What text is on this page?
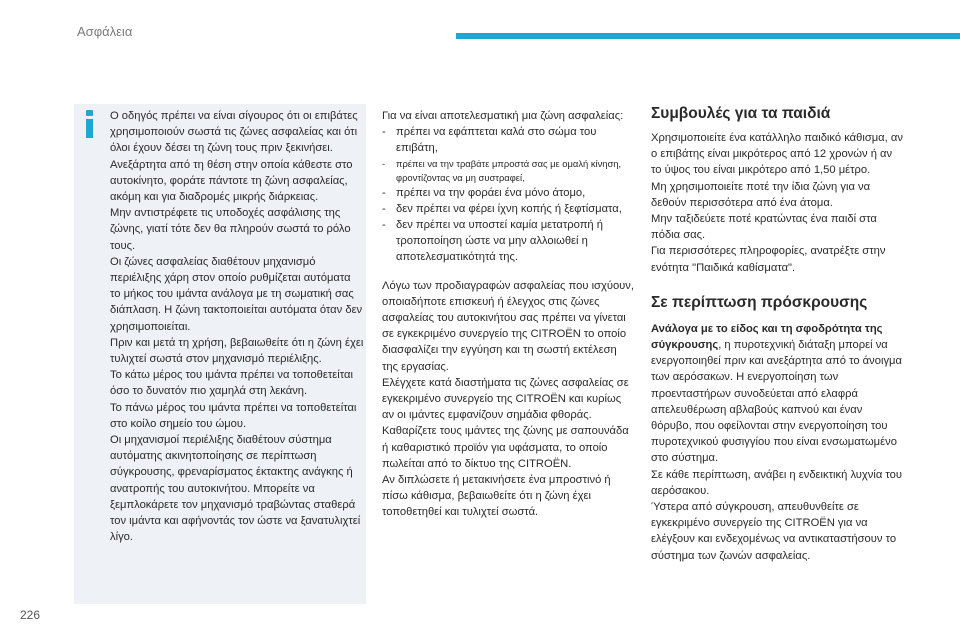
Ασφάλεια

Ο οδηγός πρέπει να είναι σίγουρος ότι οι επιβάτες χρησιμοποιούν σωστά τις ζώνες ασφαλείας και ότι όλοι έχουν δέσει τη ζώνη τους πριν ξεκινήσει.

Ανεξάρτητα από τη θέση στην οποία κάθεστε στο αυτοκίνητο, φοράτε πάντοτε τη ζώνη ασφαλείας, ακόμη και για διαδρομές μικρής διάρκειας.

Μην αντιστρέφετε τις υποδοχές ασφάλισης της ζώνης, γιατί τότε δεν θα πληρούν σωστά το ρόλο τους.

Οι ζώνες ασφαλείας διαθέτουν μηχανισμό περιέλιξης χάρη στον οποίο ρυθμίζεται αυτόματα το μήκος του ιμάντα ανάλογα με τη σωματική σας διάπλαση. Η ζώνη τακτοποιείται αυτόματα όταν δεν χρησιμοποιείται.

Πριν και μετά τη χρήση, βεβαιωθείτε ότι η ζώνη έχει τυλιχτεί σωστά στον μηχανισμό περιέλιξης.

Το κάτω μέρος του ιμάντα πρέπει να τοποθετείται όσο το δυνατόν πιο χαμηλά στη λεκάνη.

Το πάνω μέρος του ιμάντα πρέπει να τοποθετείται στο κοίλο σημείο του ώμου.

Οι μηχανισμοί περιέλιξης διαθέτουν σύστημα αυτόματης ακινητοποίησης σε περίπτωση σύγκρουσης, φρεναρίσματος έκτακτης ανάγκης ή ανατροπής του αυτοκινήτου. Μπορείτε να ξεμπλοκάρετε τον μηχανισμό τραβώντας σταθερά τον ιμάντα και αφήνοντάς τον ώστε να ξανατυλιχτεί λίγο.

Για να είναι αποτελεσματική μια ζώνη ασφαλείας:

- πρέπει να εφάπτεται καλά στο σώμα του επιβάτη,
- πρέπει να την τραβάτε μπροστά σας με ομαλή κίνηση, φροντίζοντας να μη συστραφεί,
- πρέπει να την φοράει ένα μόνο άτομο,
- δεν πρέπει να φέρει ίχνη κοπής ή ξεφτίσματα,
- δεν πρέπει να υποστεί καμία μετατροπή ή τροποποίηση ώστε να μην αλλοιωθεί η αποτελεσματικότητά της.

Λόγω των προδιαγραφών ασφαλείας που ισχύουν, οποιαδήποτε επισκευή ή έλεγχος στις ζώνες ασφαλείας του αυτοκινήτου σας πρέπει να γίνεται σε εγκεκριμένο συνεργείο της CITROËN το οποίο διασφαλίζει την εγγύηση και τη σωστή εκτέλεση της εργασίας.

Ελέγχετε κατά διαστήματα τις ζώνες ασφαλείας σε εγκεκριμένο συνεργείο της CITROËN και κυρίως αν οι ιμάντες εμφανίζουν σημάδια φθοράς.

Καθαρίζετε τους ιμάντες της ζώνης με σαπουνάδα ή καθαριστικό προϊόν για υφάσματα, το οποίο πωλείται από το δίκτυο της CITROËN.

Αν διπλώσετε ή μετακινήσετε ένα μπροστινό ή πίσω κάθισμα, βεβαιωθείτε ότι η ζώνη έχει τοποθετηθεί και τυλιχτεί σωστά.

Συμβουλές για τα παιδιά

Χρησιμοποιείτε ένα κατάλληλο παιδικό κάθισμα, αν ο επιβάτης είναι μικρότερος από 12 χρονών ή αν το ύψος του είναι μικρότερο από 1,50 μέτρο.

Μη χρησιμοποιείτε ποτέ την ίδια ζώνη για να δεθούν περισσότερα από ένα άτομα.

Μην ταξιδεύετε ποτέ κρατώντας ένα παιδί στα πόδια σας.

Για περισσότερες πληροφορίες, ανατρέξτε στην ενότητα "Παιδικά καθίσματα".

Σε περίπτωση πρόσκρουσης

Ανάλογα με το είδος και τη σφοδρότητα της σύγκρουσης, η πυροτεχνική διάταξη μπορεί να ενεργοποιηθεί πριν και ανεξάρτητα από το άνοιγμα των αερόσακων. Η ενεργοποίηση των προενταστήρων συνοδεύεται από ελαφρά απελευθέρωση αβλαβούς καπνού και έναν θόρυβο, που οφείλονται στην ενεργοποίηση του πυροτεχνικού φυσιγγίου που είναι ενσωματωμένο στο σύστημα.

Σε κάθε περίπτωση, ανάβει η ενδεικτική λυχνία του αερόσακου.

Ύστερα από σύγκρουση, απευθυνθείτε σε εγκεκριμένο συνεργείο της CITROËN για να ελέγξουν και ενδεχομένως να αντικαταστήσουν το σύστημα των ζωνών ασφαλείας.

226
